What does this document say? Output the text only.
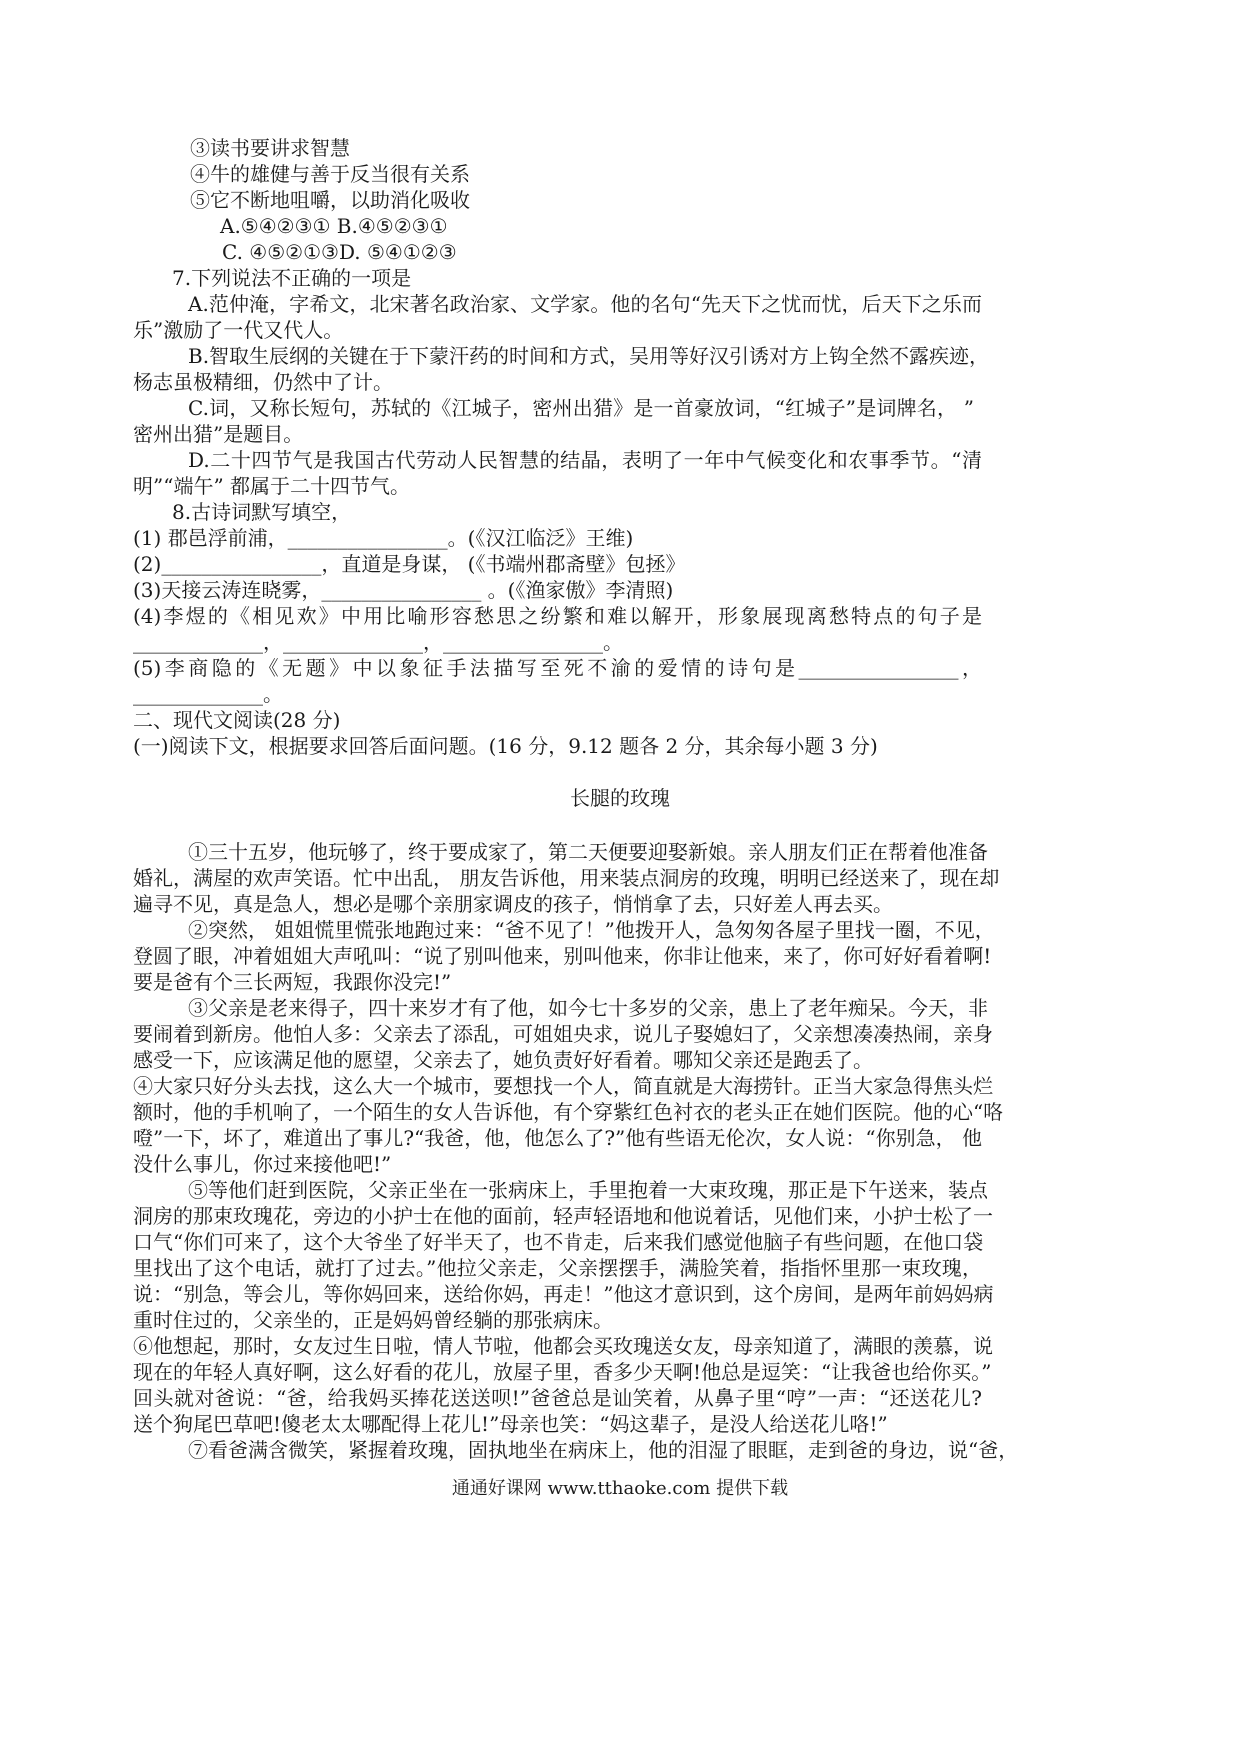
③读书要讲求智慧
④牛的雄健与善于反当很有关系
⑤它不断地咀嚼，以助消化吸收
A.⑤④②③① B.④⑤②③①
C. ④⑤②①③D. ⑤④①②③
7.下列说法不正确的一项是
A.范仲淹，字希文，北宋著名政治家、文学家。他的名句“先天下之忧而忧，后天下之乐而
乐”激励了一代又代人。
B.智取生辰纲的关键在于下蒙汗药的时间和方式，吴用等好汉引诱对方上钩全然不露疾迹，
杨志虽极精细，仍然中了计。
C.词，又称长短句，苏轼的《江城子，密州出猎》是一首豪放词，“红城子”是词牌名， ”
密州出猎”是题目。
D.二十四节气是我国古代劳动人民智慧的结晶，表明了一年中气候变化和农事季节。“清
明”“端午” 都属于二十四节气。
8.古诗词默写填空，
(1) 郡邑浮前浦，________________。(《汉江临泛》王维)
(2)________________，直道是身谋， (《书端州郡斋壁》包拯》
(3)天接云涛连晓雾，________________ 。(《渔家傲》李清照)
(4)李煜的《相见欢》中用比喻形容愁思之纷繁和难以解开，形象展现离愁特点的句子是
_____________，______________，________________。
(5)李商隐的《无题》中以象征手法描写至死不渝的爱情的诗句是________________，
_____________。
二、现代文阅读(28 分)
(一)阅读下文，根据要求回答后面问题。(16 分，9.12 题各 2 分，其余每小题 3 分)
长腿的玫瑰
①三十五岁，他玩够了，终于要成家了，第二天便要迎娶新娘。亲人朋友们正在帮着他准备
婚礼，满屋的欢声笑语。忙中出乱， 朋友告诉他，用来装点洞房的玫瑰，明明已经送来了，现在却
遍寻不见，真是急人，想必是哪个亲朋家调皮的孩子，悄悄拿了去，只好差人再去买。
②突然， 姐姐慌里慌张地跑过来：“爸不见了！”他拨开人，急匆匆各屋子里找一圈，不见，
登圆了眼，冲着姐姐大声吼叫：“说了别叫他来，别叫他来，你非让他来，来了，你可好好看着啊!
要是爸有个三长两短，我跟你没完!”
③父亲是老来得子，四十来岁才有了他，如今七十多岁的父亲，患上了老年痴呆。今天，非
要闹着到新房。他怕人多：父亲去了添乱，可姐姐央求，说儿子娶媳妇了，父亲想凑凑热闹，亲身
感受一下，应该满足他的愿望，父亲去了，她负责好好看着。哪知父亲还是跑丢了。
④大家只好分头去找，这么大一个城市，要想找一个人，简直就是大海捞针。正当大家急得焦头烂
额时，他的手机响了，一个陌生的女人告诉他，有个穿紫红色衬衣的老头正在她们医院。他的心“咯
噔”一下，坏了，难道出了事儿?“我爸，他，他怎么了?”他有些语无伦次，女人说：“你别急， 他
没什么事儿，你过来接他吧!”
⑤等他们赶到医院，父亲正坐在一张病床上，手里抱着一大束玫瑰，那正是下午送来，装点
洞房的那束玫瑰花，旁边的小护士在他的面前，轻声轻语地和他说着话，见他们来，小护士松了一
口气“你们可来了，这个大爷坐了好半天了，也不肯走，后来我们感觉他脑子有些问题，在他口袋
里找出了这个电话，就打了过去。”他拉父亲走，父亲摆摆手，满脸笑着，指指怀里那一束玫瑰，
说：“别急，等会儿，等你妈回来，送给你妈，再走！”他这才意识到，这个房间，是两年前妈妈病
重时住过的，父亲坐的，正是妈妈曾经躺的那张病床。
⑥他想起，那时，女友过生日啦，情人节啦，他都会买玫瑰送女友，母亲知道了，满眼的羡慕，说
现在的年轻人真好啊，这么好看的花儿，放屋子里，香多少天啊!他总是逗笑：“让我爸也给你买。”
回头就对爸说：“爸，给我妈买捧花送送呗!”爸爸总是讪笑着，从鼻子里“哼”一声：“还送花儿?
送个狗尾巴草吧!傻老太太哪配得上花儿!”母亲也笑：“妈这辈子，是没人给送花儿咯!”
⑦看爸满含微笑，紧握着玫瑰，固执地坐在病床上，他的泪湿了眼眶，走到爸的身边，说“爸，
通通好课网 www.tthaoke.com 提供下载
